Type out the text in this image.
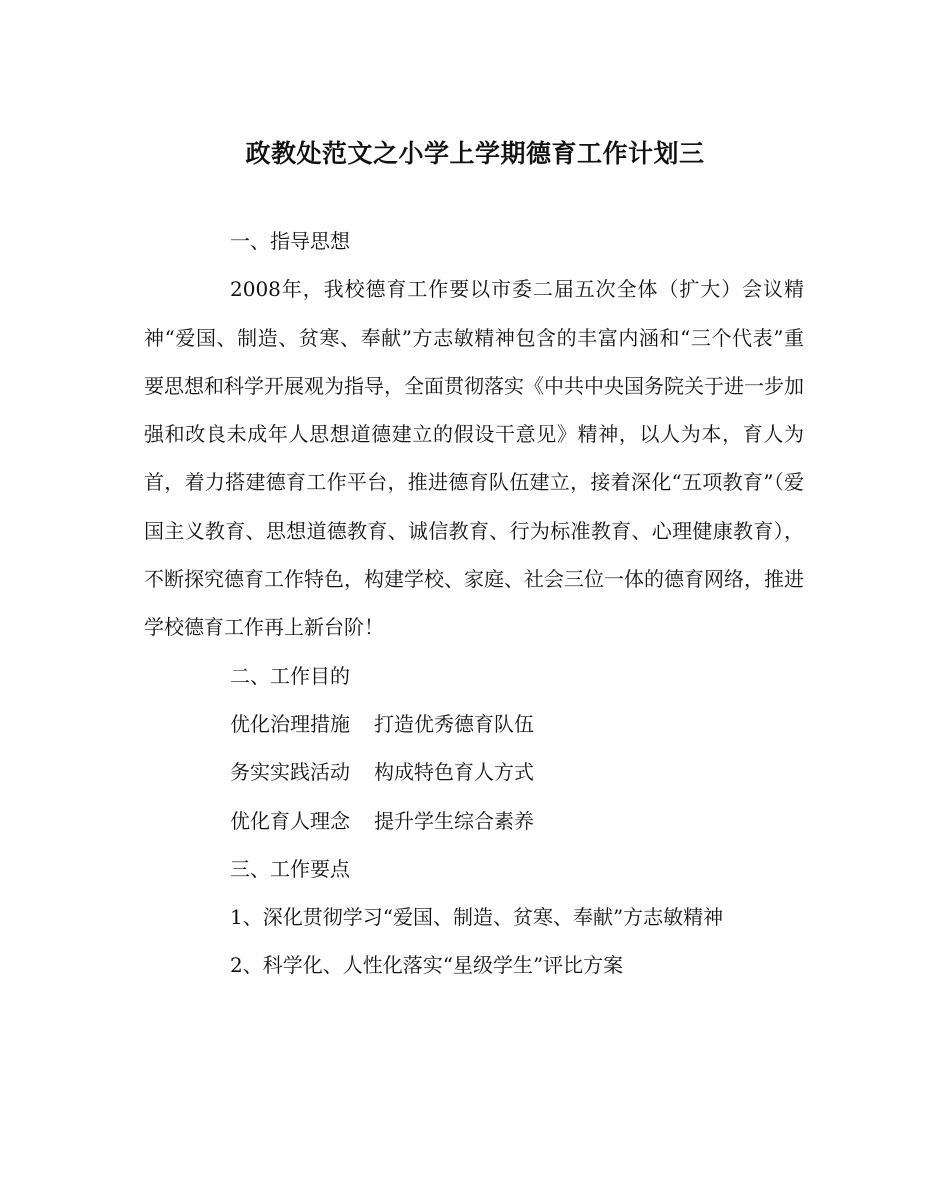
政教处范文之小学上学期德育工作计划三
一、指导思想

2008年，我校德育工作要以市委二届五次全体（扩大）会议精神“爱国、制造、贫寒、奉献”方志敏精神包含的丰富内涵和“三个代表”重要思想和科学开展观为指导，全面贯彻落实《中共中央国务院关于进一步加强和改良未成年人思想道德建立的假设干意见》精神，以人为本，育人为首，着力搭建德育工作平台，推进德育队伍建立，接着深化“五项教育”（爱国主义教育、思想道德教育、诚信教育、行为标准教育、心理健康教育），不断探究德育工作特色，构建学校、家庭、社会三位一体的德育网络，推进学校德育工作再上新台阶！

二、工作目的
优化治理措施 打造优秀德育队伍
务实实践活动 构成特色育人方式
优化育人理念 提升学生综合素养
三、工作要点
1、深化贯彻学习“爱国、制造、贫寒、奉献”方志敏精神
2、科学化、人性化落实“星级学生”评比方案
